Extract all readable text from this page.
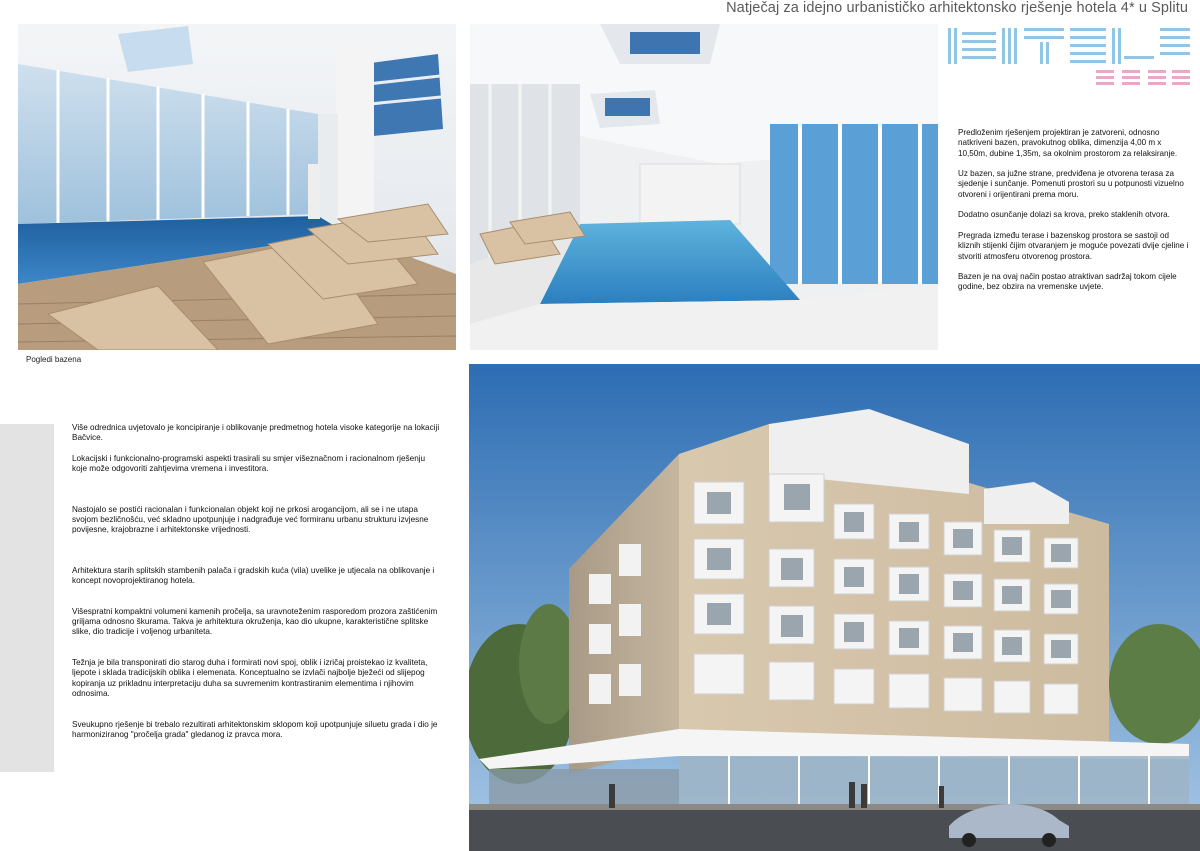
Natječaj za idejno urbanističko arhitektonsko rješenje hotela 4* u Splitu
Pogledi bazena

Predloženim rješenjem projektiran je zatvoreni, odnosno natkriveni bazen, pravokutnog oblika, dimenzija 4,00 m x 10,50m, dubine 1,35m, sa okolnim prostorom za relaksiranje.

Uz bazen, sa južne strane, predviđena je otvorena terasa za sjedenje i sunčanje. Pomenuti prostori su u potpunosti vizuelno otvoreni i orijentirani prema moru.

Dodatno osunčanje dolazi sa krova, preko staklenih otvora.

Pregrada između terase i bazenskog prostora se sastoji od kliznih stijenki čijim otvaranjem je moguće povezati dvije cjeline i stvoriti atmosferu otvorenog prostora.

Bazen je na ovaj način postao atraktivan sadržaj tokom cijele godine, bez obzira na vremenske uvjete.

Više odrednica uvjetovalo je koncipiranje i oblikovanje predmetnog hotela visoke kategorije na lokaciji Bačvice.

Lokacijski i funkcionalno-programski aspekti trasirali su smjer višeznačnom i racionalnom rješenju koje može odgovoriti zahtjevima vremena i investitora.

Nastojalo se postići racionalan i funkcionalan objekt koji ne prkosi arogancijom, ali se i ne utapa svojom bezličnošću, već skladno upotpunjuje i nadgrađuje već formiranu urbanu strukturu izvjesne povijesne, krajobrazne i arhitektonske vrijednosti.

Arhitektura starih splitskih stambenih palača i gradskih kuća (vila) uvelike je utjecala na oblikovanje i koncept novoprojektiranog hotela.

Višespratni kompaktni volumeni kamenih pročelja, sa uravnoteženim rasporedom prozora zaštićenim griljama odnosno škurama. Takva je arhitektura okruženja, kao dio ukupne, karakteristične splitske slike, dio tradicije i voljenog urbaniteta.

Težnja je bila transponirati dio starog duha i formirati novi spoj, oblik i izričaj proistekao iz kvaliteta, ljepote i sklada tradicijskih oblika i elemenata. Konceptualno se izvlači najbolje bježeći od slijepog kopiranja uz prikladnu interpretaciju duha sa suvremenim kontrastiranim elementima i njihovim odnosima.

Sveukupno rješenje bi trebalo rezultirati arhitektonskim sklopom koji upotpunjuje siluetu grada i dio je harmoniziranog "pročelja grada" gledanog iz pravca mora.
